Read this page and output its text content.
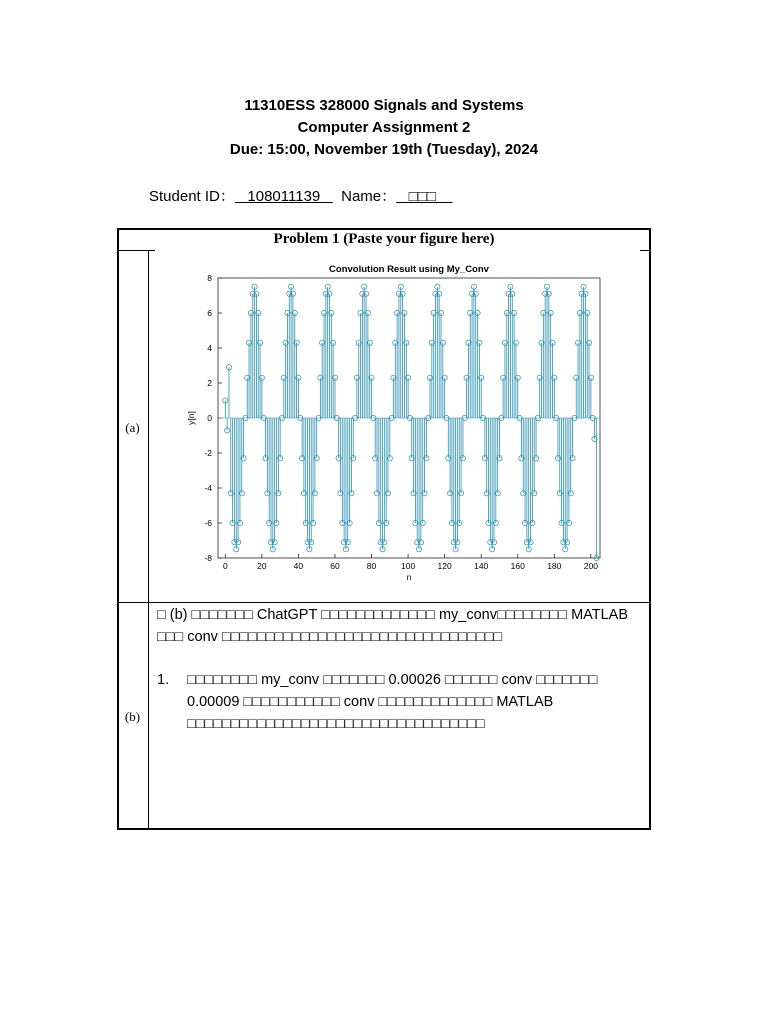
11310ESS 328000 Signals and Systems
Computer Assignment 2
Due: 15:00, November 19th (Tuesday), 2024
Student ID： 108011139 Name： □□□
Problem 1 (Paste your figure here)
(a)
(b)
Convolution Result using My_Conv
0	20	40	60	80	100	120	140	160	180	200
-8
-6
-4
-2
0
2
4
6
8
n
y[n]
□ (b) □□□□□□□ ChatGPT □□□□□□□□□□□□□ my_conv□□□□□□□□ MATLAB □□□ conv □□□□□□□□□□□□□□□□□□□□□□□□□□□□□□□□
1. □□□□□□□□ my_conv □□□□□□□ 0.00026 □□□□□□ conv □□□□□□□ 0.00009 □□□□□□□□□□□ conv □□□□□□□□□□□□□ MATLAB □□□□□□□□□□□□□□□□□□□□□□□□□□□□□□□□□□
